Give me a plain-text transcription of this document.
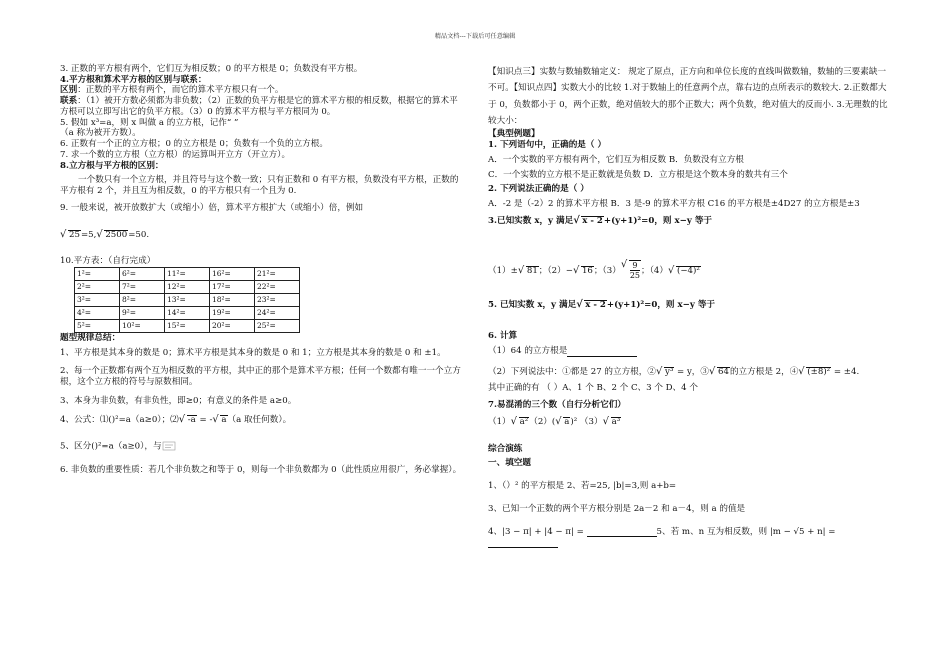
精品文档---下载后可任意编辑

3. 正数的平方根有两个，它们互为相反数；0 的平方根是 0；负数没有平方根。

4.平方根和算术平方根的区别与联系：

区别：正数的平方根有两个，而它的算术平方根只有一个。

联系：（1）被开方数必须都为非负数；（2）正数的负平方根是它的算术平方根的相反数，根据它的算术平方根可以立即写出它的负平方根。（3）0 的算术平方根与平方根同为 0。

5. 假如 x³=a，则 x 叫做 a 的立方根，记作“ ”

（a 称为被开方数）。

6. 正数有一个正的立方根；0 的立方根是 0；负数有一个负的立方根。

7. 求一个数的立方根（立方根）的运算叫开立方（开立方）。

8.立方根与平方根的区别：

一个数只有一个立方根，并且符号与这个数一致；只有正数和 0 有平方根，负数没有平方根，正数的平方根有 2 个，并且互为相反数，0 的平方根只有一个且为 0.

9. 一般来说，被开放数扩大（或缩小）倍，算术平方根扩大（或缩小）倍，例如

√ 25=5, √ 2500=50.

10.平方表：（自行完成）

1²=	6²=	11²=	16²=	21²=
2²=	7²=	12²=	17²=	22²=
3²=	8²=	13²=	18²=	23²=
4²=	9²=	14²=	19²=	24²=
5²=	10²=	15²=	20²=	25²=

题型规律总结：

1、平方根是其本身的数是 0；算术平方根是其本身的数是 0 和 1；立方根是其本身的数是 0 和 ±1。

2、每一个正数都有两个互为相反数的平方根，其中正的那个是算术平方根；任何一个数都有唯一一个立方根，这个立方根的符号与原数相同。

3、本身为非负数，有非负性，即≥0；有意义的条件是 a≥0。

4、公式：⑴()²=a（a≥0）；⑵ √ -a = - √ a（a 取任何数）。

5、区分()²=a（a≥0），与

6. 非负数的重要性质：若几个非负数之和等于 0，则每一个非负数都为 0（此性质应用很广，务必掌握）。

【知识点三】实数与数轴数轴定义： 规定了原点，正方向和单位长度的直线叫做数轴，数轴的三要素缺一不可。【知识点四】实数大小的比较 1.对于数轴上的任意两个点，靠右边的点所表示的数较大. 2.正数都大于 0，负数都小于 0，两个正数，绝对值较大的那个正数大；两个负数，绝对值大的反而小. 3.无理数的比较大小：

【典型例题】

1. 下列语句中，正确的是（ ）

A．一个实数的平方根有两个，它们互为相反数 B．负数没有立方根

C．一个实数的立方根不是正数就是负数 D．立方根是这个数本身的数共有三个

2. 下列说法正确的是（ ）

A．-2 是（-2）2 的算术平方根 B．3 是-9 的算术平方根 C16 的平方根是±4D27 的立方根是±3

3.已知实数 x，y 满足 √ x - 2+(y+1)²=0，则 x−y 等于

（1）± √ 81；（2）− √ 16；（3） √ $\frac{9}{25}$ ；（4） √ (−4)²

5. 已知实数 x，y 满足 √ x - 2+(y+1)²=0，则 x−y 等于

6. 计算

（1）64 的立方根是

（2）下列说法中：①都是 27 的立方根，② √ y³ = y，③ √ 64的立方根是 2，④ √ (±8)² = ±4.

其中正确的有 （ ）A、1 个 B、2 个 C、3 个 D、4 个

7.易混淆的三个数（自行分析它们）

（1） √ a²（2）( √ a)² （3） √ a³

综合演练

一、填空题

1、（）² 的平方根是 2、若=25, |b|=3,则 a+b=

3、已知一个正数的两个平方根分别是 2a－2 和 a－4，则 a 的值是

4、|3 − π| + |4 − π| =	5、若 m、n 互为相反数，则 |m − √5 + n| =
